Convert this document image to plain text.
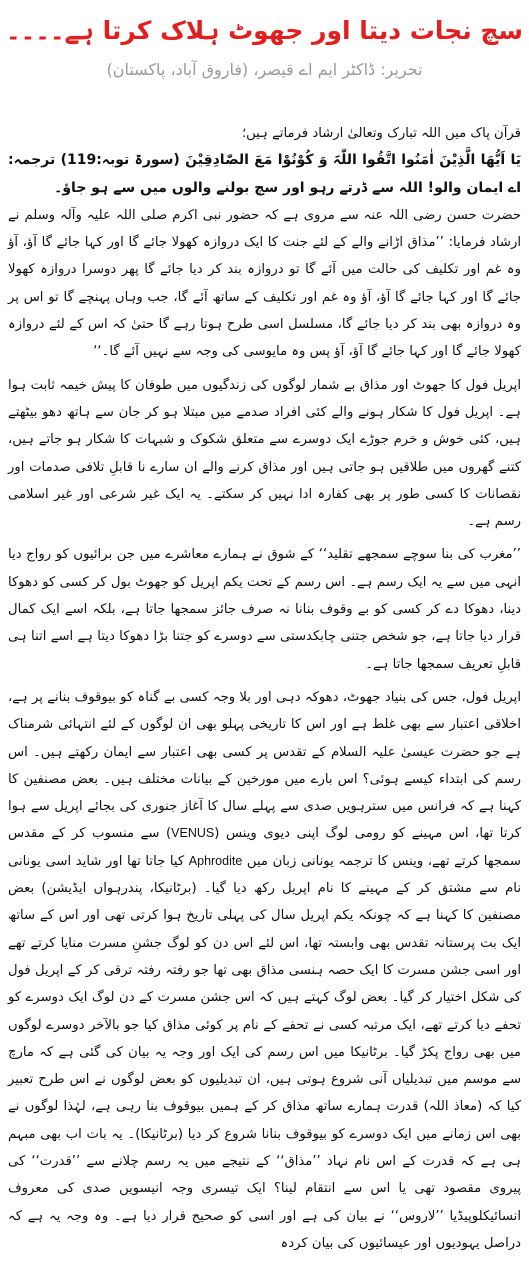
سچ نجات دیتا اور جھوٹ ہلاک کرتا ہے۔۔۔۔
تحریر: ڈاکٹر ایم اے قیصر، (فاروق آباد، پاکستان)

قرآن پاک میں اللہ تبارک وتعالیٰ ارشاد فرماتے ہیں؛
یَا اَیُّھَا الَّذِیْنَ اٰمَنُوا اتَّقُوا اللّٰہَ وَ کُوْنُوْا مَعَ الصّٰادِقِیْنَ (سورۃ توبہ:119) ترجمہ: اے ایمان والو! اللہ سے ڈرتے رہو اور سچ بولنے والوں میں سے ہو جاؤ۔

حضرت حسن رضی اللہ عنہ سے مروی ہے کہ حضور نبی اکرم صلی اللہ علیہ وآلہ وسلم نے ارشاد فرمایا: ’’مذاق اڑانے والے کے لئے جنت کا ایک دروازہ کھولا جائے گا اور کہا جائے گا آؤ، آؤ وہ غم اور تکلیف کی حالت میں آئے گا تو دروازہ بند کر دیا جائے گا پھر دوسرا دروازہ کھولا جائے گا اور کہا جائے گا آؤ، آؤ وہ غم اور تکلیف کے ساتھ آئے گا، جب وہاں پہنچے گا تو اس پر وہ دروازہ بھی بند کر دیا جائے گا، مسلسل اسی طرح ہوتا رہے گا حتیٰ کہ اس کے لئے دروازہ کھولا جائے گا اور کہا جائے گا آؤ، آؤ پس وہ مایوسی کی وجہ سے نہیں آئے گا۔‘‘

اپریل فول کا جھوٹ اور مذاق بے شمار لوگوں کی زندگیوں میں طوفان کا پیش خیمہ ثابت ہوا ہے۔ اپریل فول کا شکار ہونے والے کئی افراد صدمے میں مبتلا ہو کر جان سے ہاتھ دھو بیٹھتے ہیں، کئی خوش و خرم جوڑے ایک دوسرے سے متعلق شکوک و شبہات کا شکار ہو جاتے ہیں، کتنے گھروں میں طلاقیں ہو جاتی ہیں اور مذاق کرنے والے ان سارے نا قابلِ تلافی صدمات اور نقصانات کا کسی طور پر بھی کفارہ ادا نہیں کر سکتے۔ یہ ایک غیر شرعی اور غیر اسلامی رسم ہے۔

’’مغرب کی بنا سوچے سمجھے تقلید‘‘ کے شوق نے ہمارے معاشرے میں جن برائیوں کو رواج دیا انہی میں سے یہ ایک رسم ہے۔ اس رسم کے تحت یکم اپریل کو جھوٹ بول کر کسی کو دھوکا دینا، دھوکا دے کر کسی کو بے وقوف بنانا نہ صرف جائز سمجھا جاتا ہے، بلکہ اسے ایک کمال قرار دیا جاتا ہے، جو شخص جتنی چابکدستی سے دوسرے کو جتنا بڑا دھوکا دیتا ہے اسے اتنا ہی قابلِ تعریف سمجھا جاتا ہے۔

اپریل فول، جس کی بنیاد جھوٹ، دھوکہ دہی اور بلا وجہ کسی بے گناہ کو بیوقوف بنانے پر ہے، اخلاقی اعتبار سے بھی غلط ہے اور اس کا تاریخی پہلو بھی ان لوگوں کے لئے انتہائی شرمناک ہے جو حضرت عیسیٰ علیہ السلام کے تقدس پر کسی بھی اعتبار سے ایمان رکھتے ہیں۔ اس رسم کی ابتداء کیسے ہوئی؟ اس بارے میں مورخین کے بیانات مختلف ہیں۔ بعض مصنفین کا کہنا ہے کہ فرانس میں سترہویں صدی سے پہلے سال کا آغاز جنوری کی بجائے اپریل سے ہوا کرتا تھا، اس مہینے کو رومی لوگ اپنی دیوی وینس (VENUS) سے منسوب کر کے مقدس سمجھا کرتے تھے، وینس کا ترجمہ یونانی زبان میں Aphrodite کیا جاتا تھا اور شاید اسی یونانی نام سے مشتق کر کے مہینے کا نام اپریل رکھ دیا گیا۔ (برٹانیکا، پندرہواں ایڈیشن) بعض مصنفین کا کہنا ہے کہ چونکہ یکم اپریل سال کی پہلی تاریخ ہوا کرتی تھی اور اس کے ساتھ ایک بت پرستانہ تقدس بھی وابستہ تھا، اس لئے اس دن کو لوگ جشنِ مسرت منایا کرتے تھے اور اسی جشن مسرت کا ایک حصہ ہنسی مذاق بھی تھا جو رفتہ رفتہ ترقی کر کے اپریل فول کی شکل اختیار کر گیا۔ بعض لوگ کہتے ہیں کہ اس جشن مسرت کے دن لوگ ایک دوسرے کو تحفے دیا کرتے تھے، ایک مرتبہ کسی نے تحفے کے نام پر کوئی مذاق کیا جو بالآخر دوسرے لوگوں میں بھی رواج پکڑ گیا۔ برٹانیکا میں اس رسم کی ایک اور وجہ یہ بیان کی گئی ہے کہ مارچ سے موسم میں تبدیلیاں آنی شروع ہوتی ہیں، ان تبدیلیوں کو بعض لوگوں نے اس طرح تعبیر کیا کہ (معاذ اللہ) قدرت ہمارے ساتھ مذاق کر کے ہمیں بیوقوف بنا رہی ہے، لہٰذا لوگوں نے بھی اس زمانے میں ایک دوسرے کو بیوقوف بنانا شروع کر دیا (برٹانیکا)۔ یہ بات اب بھی مبہم ہی ہے کہ قدرت کے اس نام نہاد ’’مذاق‘‘ کے نتیجے میں یہ رسم چلانے سے ’’قدرت‘‘ کی پیروی مقصود تھی یا اس سے انتقام لینا؟ ایک تیسری وجہ انیسویں صدی کی معروف انسائیکلوپیڈیا ’’لاروس‘‘ نے بیان کی ہے اور اسی کو صحیح قرار دیا ہے۔ وہ وجہ یہ ہے کہ دراصل یہودیوں اور عیسائیوں کی بیان کردہ
